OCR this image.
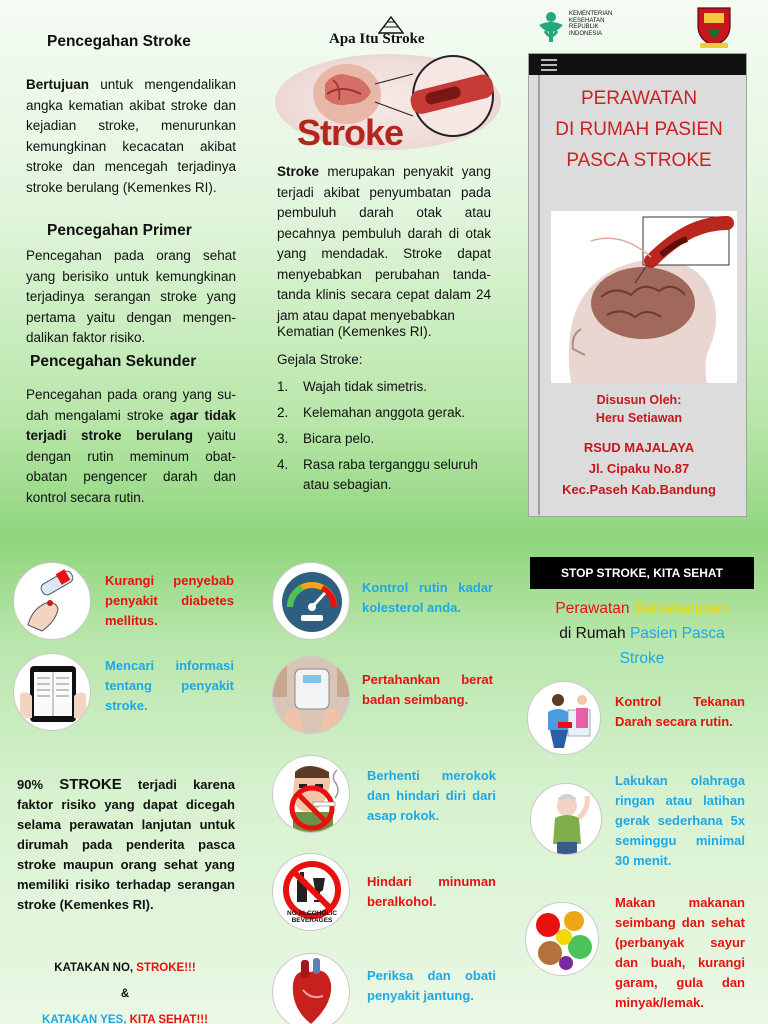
Pencegahan Stroke

Bertujuan untuk mengendalikan angka kematian akibat stroke dan kejadian stroke, menurunkan kemungkinan kecacatan akibat stroke dan mencegah terjadinya stroke berulang (Kemenkes RI).

Pencegahan Primer

Pencegahan pada orang sehat yang berisiko untuk kemungkinan terjadinya serangan stroke yang pertama yaitu dengan mengen-dalikan faktor risiko.

Pencegahan Sekunder

Pencegahan pada orang yang su-dah mengalami stroke agar tidak terjadi stroke berulang yaitu dengan rutin meminum obat-obatan pengencer darah dan kontrol secara rutin.

Apa Itu Stroke
Stroke

Stroke merupakan penyakit yang terjadi akibat penyumbatan pada pembuluh darah otak atau pecahnya pembuluh darah di otak yang mendadak. Stroke dapat menyebabkan perubahan tanda-tanda klinis secara cepat dalam 24 jam atau dapat menyebabkan

Kematian (Kemenkes RI).

Gejala Stroke:

1.	Wajah tidak simetris.
2.	Kelemahan anggota gerak.
3.	Bicara pelo.
4.	Rasa raba terganggu seluruh atau sebagian.
KEMENTERIAN
KESEHATAN
REPUBLIK
INDONESIA
PERAWATAN
DI RUMAH PASIEN
PASCA STROKE
Disusun Oleh:
Heru Setiawan
RSUD MAJALAYA
Jl. Cipaku No.87
Kec.Paseh Kab.Bandung

Kurangi penyebab penyakit diabetes mellitus.

Mencari informasi tentang penyakit stroke.

90% STROKE terjadi karena faktor risiko yang dapat dicegah selama perawatan lanjutan untuk dirumah pada penderita pasca stroke maupun orang sehat yang memiliki risiko terhadap serangan stroke (Kemenkes RI).

KATAKAN NO, STROKE!!!
&
KATAKAN YES, KITA SEHAT!!!

Kontrol rutin kadar kolesterol anda.

Pertahankan berat badan seimbang.

Berhenti merokok dan hindari diri dari asap rokok.

NO ALCOHOLIC BEVERAGES

Hindari minuman beralkohol.

Periksa dan obati penyakit jantung.

STOP STROKE, KITA SEHAT
Perawatan Berkelanjutan
di Rumah Pasien Pasca
Stroke

Kontrol Tekanan Darah secara rutin.

Lakukan olahraga ringan atau latihan gerak sederhana 5x seminggu minimal 30 menit.

Makan makanan seimbang dan sehat (perbanyak sayur dan buah, kurangi garam, gula dan minyak/lemak.
